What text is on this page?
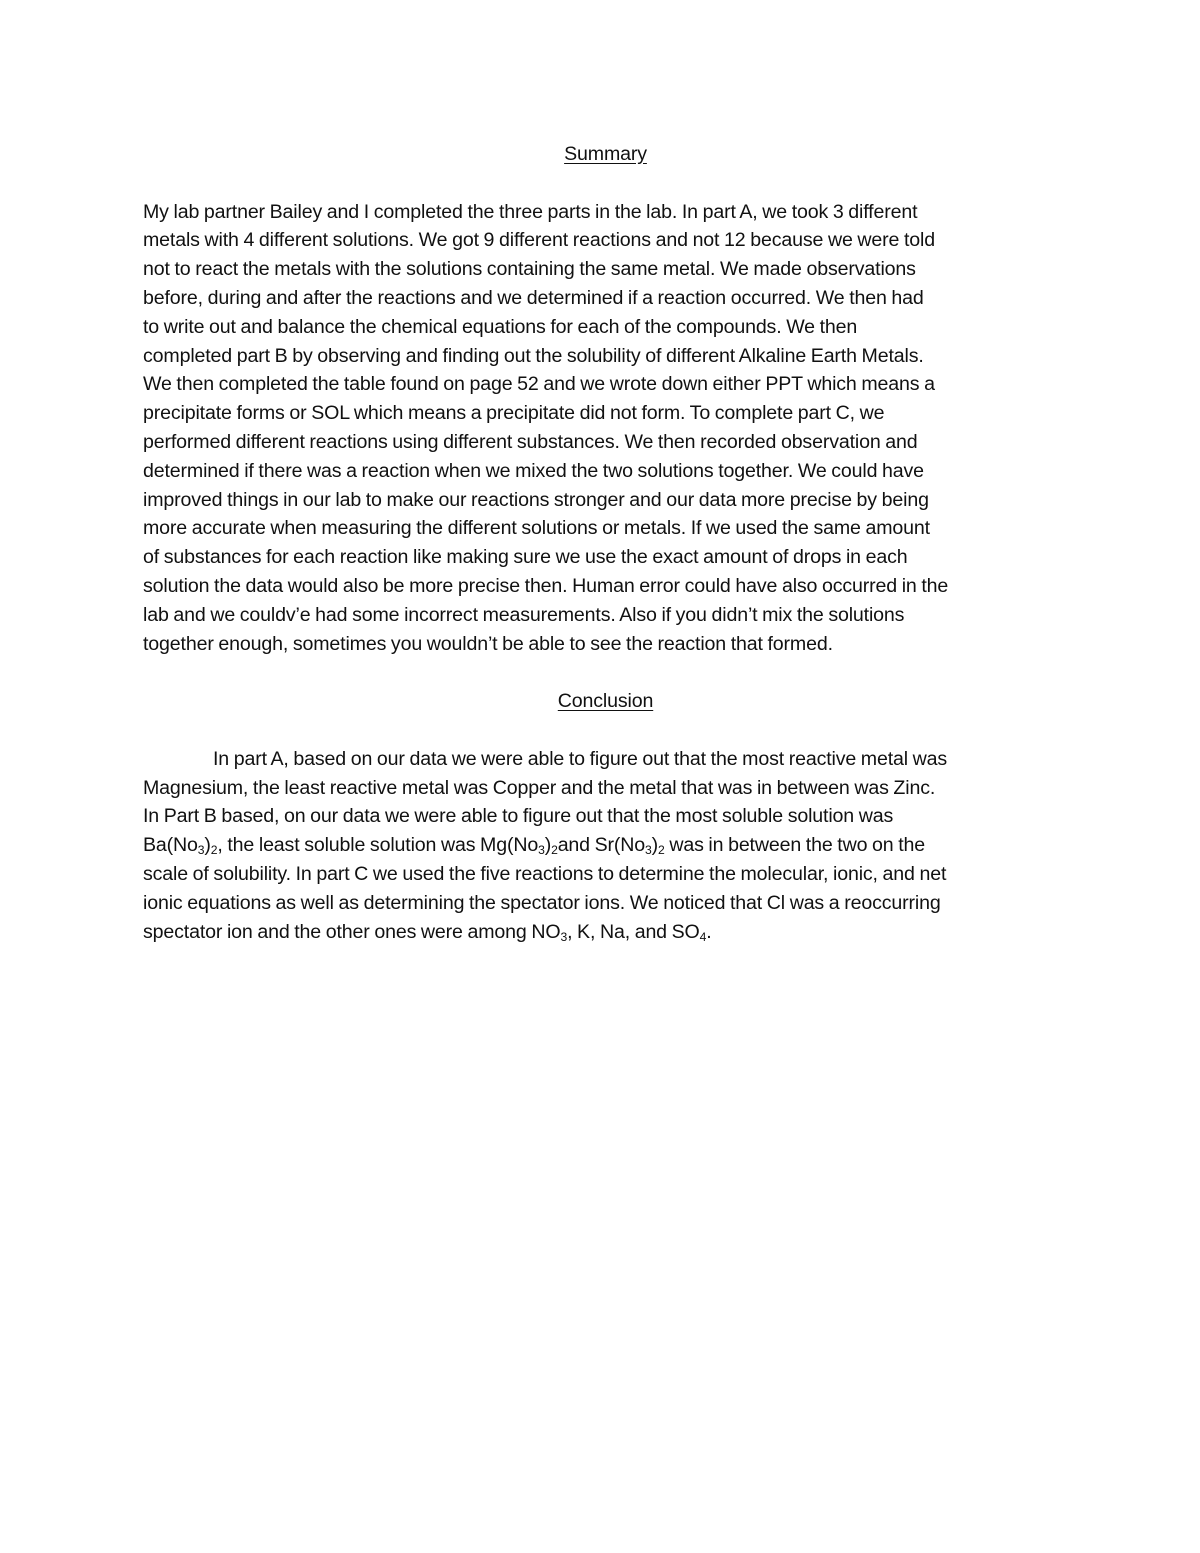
Summary

My lab partner Bailey and I completed the three parts in the lab. In part A, we took 3 different
metals with 4 different solutions. We got 9 different reactions and not 12 because we were told
not to react the metals with the solutions containing the same metal. We made observations
before, during and after the reactions and we determined if a reaction occurred. We then had
to write out and balance the chemical equations for each of the compounds. We then
completed part B by observing and finding out the solubility of different Alkaline Earth Metals.
We then completed the table found on page 52 and we wrote down either PPT which means a
precipitate forms or SOL which means a precipitate did not form. To complete part C, we
performed different reactions using different substances. We then recorded observation and
determined if there was a reaction when we mixed the two solutions together. We could have
improved things in our lab to make our reactions stronger and our data more precise by being
more accurate when measuring the different solutions or metals. If we used the same amount
of substances for each reaction like making sure we use the exact amount of drops in each
solution the data would also be more precise then. Human error could have also occurred in the
lab and we couldv’e had some incorrect measurements. Also if you didn’t mix the solutions
together enough, sometimes you wouldn’t be able to see the reaction that formed.

Conclusion

In part A, based on our data we were able to figure out that the most reactive metal was
Magnesium, the least reactive metal was Copper and the metal that was in between was Zinc.
In Part B based, on our data we were able to figure out that the most soluble solution was
$Ba(No_3)_2$, the least soluble solution was $Mg(No_3)_2and$ $Sr(No_3)_2$ was in between the two on the
scale of solubility. In part C we used the five reactions to determine the molecular, ionic, and net
ionic equations as well as determining the spectator ions. We noticed that Cl was a reoccurring
spectator ion and the other ones were among $NO_3$, K, Na, and $SO_4$.
